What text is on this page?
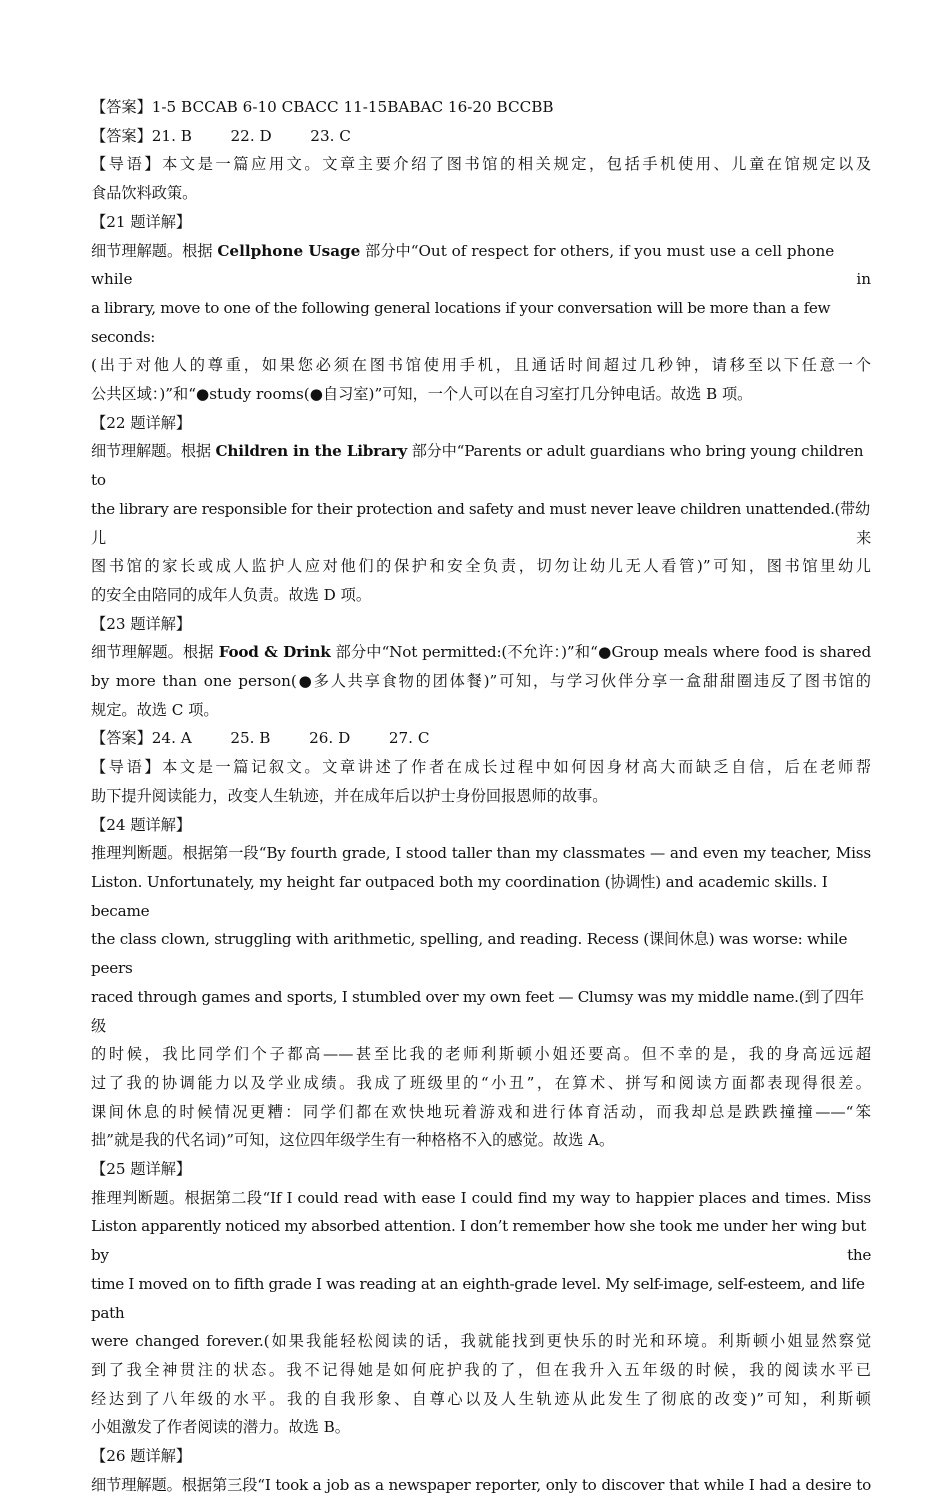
【答案】1-5 BCCAB 6-10 CBACC 11-15BABAC 16-20 BCCBB
【答案】21. B        22. D        23. C
【导语】本文是一篇应用文。文章主要介绍了图书馆的相关规定，包括手机使用、儿童在馆规定以及
食品饮料政策。
【21 题详解】
细节理解题。根据 Cellphone Usage 部分中“Out of respect for others, if you must use a cell phone while in
a library, move to one of the following general locations if your conversation will be more than a few seconds:
(出于对他人的尊重，如果您必须在图书馆使用手机，且通话时间超过几秒钟，请移至以下任意一个
公共区域：)”和“●study rooms(●自习室)”可知，一个人可以在自习室打几分钟电话。故选 B 项。
【22 题详解】
细节理解题。根据 Children in the Library 部分中“Parents or adult guardians who bring young children to
the library are responsible for their protection and safety and must never leave children unattended.(带幼儿来
图书馆的家长或成人监护人应对他们的保护和安全负责，切勿让幼儿无人看管)”可知，图书馆里幼儿
的安全由陪同的成年人负责。故选 D 项。
【23 题详解】
细节理解题。根据 Food & Drink 部分中“Not permitted:(不允许：)”和“●Group meals where food is shared
by more than one person(●多人共享食物的团体餐)”可知，与学习伙伴分享一盒甜甜圈违反了图书馆的
规定。故选 C 项。
【答案】24. A        25. B        26. D        27. C
【导语】本文是一篇记叙文。文章讲述了作者在成长过程中如何因身材高大而缺乏自信，后在老师帮
助下提升阅读能力，改变人生轨迹，并在成年后以护士身份回报恩师的故事。
【24 题详解】
推理判断题。根据第一段“By fourth grade, I stood taller than my classmates — and even my teacher, Miss
Liston. Unfortunately, my height far outpaced both my coordination (协调性) and academic skills. I became
the class clown, struggling with arithmetic, spelling, and reading. Recess (课间休息) was worse: while peers
raced through games and sports, I stumbled over my own feet — Clumsy was my middle name.(到了四年级
的时候，我比同学们个子都高——甚至比我的老师利斯顿小姐还要高。但不幸的是，我的身高远远超
过了我的协调能力以及学业成绩。我成了班级里的“小丑”，在算术、拼写和阅读方面都表现得很差。
课间休息的时候情况更糟：同学们都在欢快地玩着游戏和进行体育活动，而我却总是跌跌撞撞——“笨
拙”就是我的代名词)”可知，这位四年级学生有一种格格不入的感觉。故选 A。
【25 题详解】
推理判断题。根据第二段“If I could read with ease I could find my way to happier places and times. Miss
Liston apparently noticed my absorbed attention. I don’t remember how she took me under her wing but by the
time I moved on to fifth grade I was reading at an eighth-grade level. My self-image, self-esteem, and life path
were changed forever.(如果我能轻松阅读的话，我就能找到更快乐的时光和环境。利斯顿小姐显然察觉
到了我全神贯注的状态。我不记得她是如何庇护我的了，但在我升入五年级的时候，我的阅读水平已
经达到了八年级的水平。我的自我形象、自尊心以及人生轨迹从此发生了彻底的改变)”可知，利斯顿
小姐激发了作者阅读的潜力。故选 B。
【26 题详解】
细节理解题。根据第三段“I took a job as a newspaper reporter, only to discover that while I had a desire to
